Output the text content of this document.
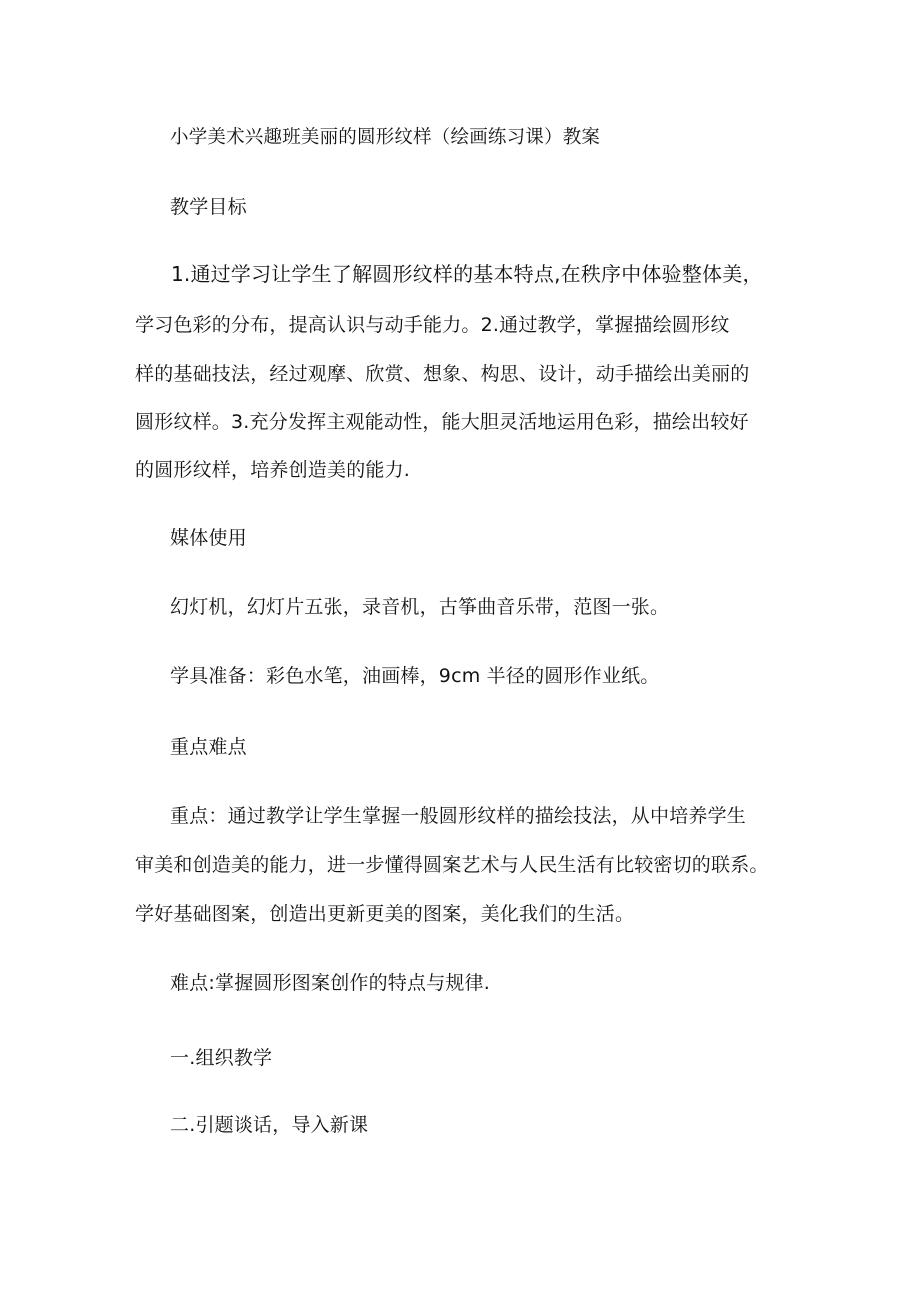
小学美术兴趣班美丽的圆形纹样（绘画练习课）教案
教学目标
1.通过学习让学生了解圆形纹样的基本特点,在秩序中体验整体美，
学习色彩的分布，提高认识与动手能力。2.通过教学，掌握描绘圆形纹
样的基础技法，经过观摩、欣赏、想象、构思、设计，动手描绘出美丽的
圆形纹样。3.充分发挥主观能动性，能大胆灵活地运用色彩，描绘出较好
的圆形纹样，培养创造美的能力.
媒体使用
幻灯机，幻灯片五张，录音机，古筝曲音乐带，范图一张。
学具准备：彩色水笔，油画棒，9cm 半径的圆形作业纸。
重点难点
重点：通过教学让学生掌握一般圆形纹样的描绘技法，从中培养学生
审美和创造美的能力，进一步懂得圆案艺术与人民生活有比较密切的联系。
学好基础图案，创造出更新更美的图案，美化我们的生活。
难点:掌握圆形图案创作的特点与规律.
一.组织教学
二.引题谈话，导入新课
